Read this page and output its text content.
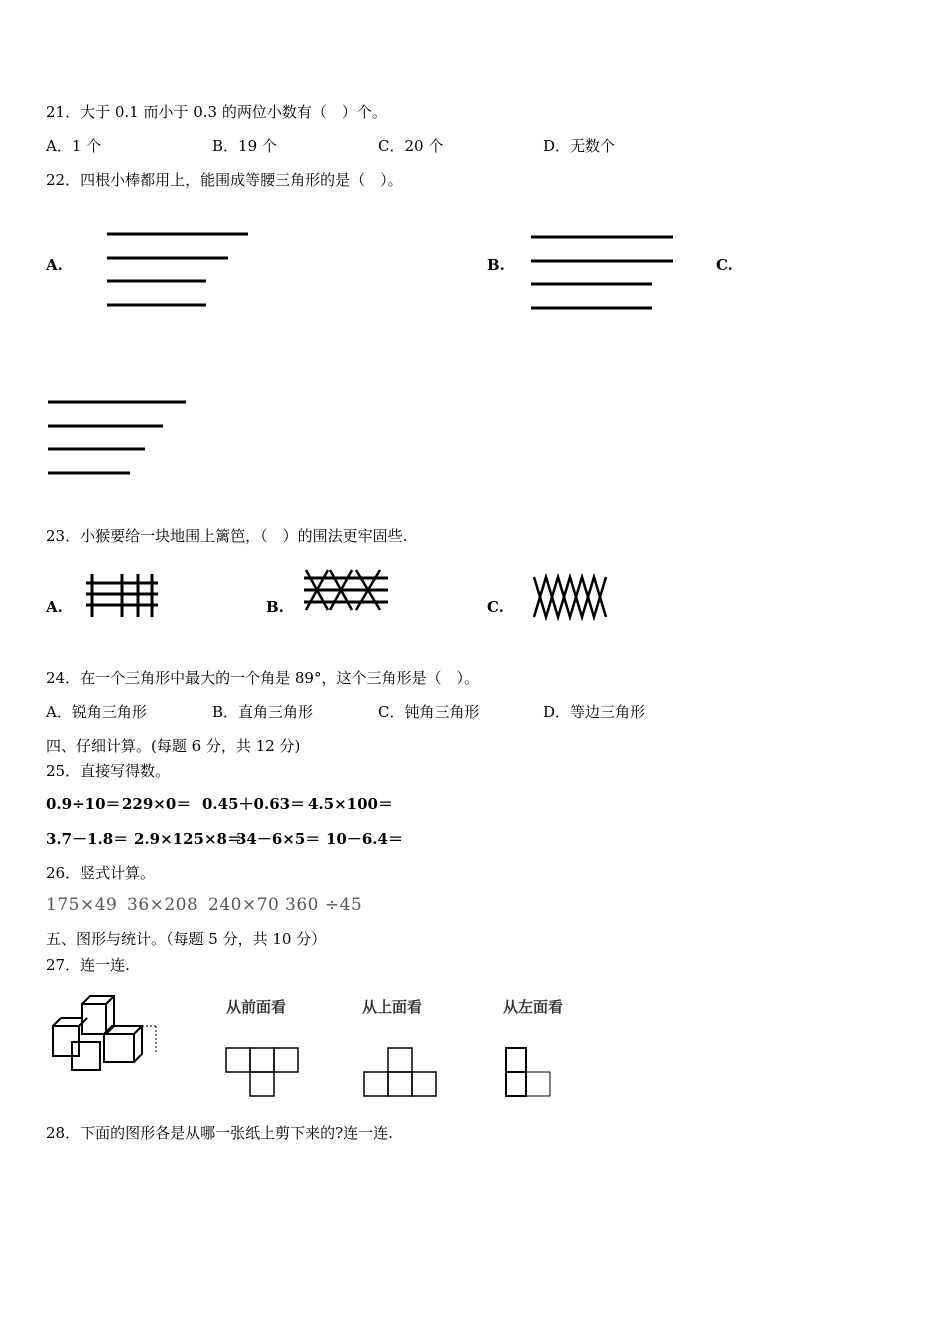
21．大于 0.1 而小于 0.3 的两位小数有（　）个。
A．1 个	B．19 个	C．20 个	D．无数个
22．四根小棒都用上，能围成等腰三角形的是（　）。
A.	B.	C.
23．小猴要给一块地围上篱笆，（　）的围法更牢固些.
A.	B.	C.
24．在一个三角形中最大的一个角是 89°，这个三角形是（　）。
A．锐角三角形	B．直角三角形	C．钝角三角形	D．等边三角形
四、仔细计算。(每题 6 分，共 12 分)
25．直接写得数。
0.9÷10＝ 229×0＝ 0.45＋0.63＝ 4.5×100＝
3.7－1.8＝ 2.9×125×8＝
34－6×5＝ 10－6.4＝
26．竖式计算。
175×49 36×208 240×70 360 ÷45
五、图形与统计。（每题 5 分，共 10 分）
27．连一连.
从前面看	从上面看	从左面看
28．下面的图形各是从哪一张纸上剪下来的?连一连.
